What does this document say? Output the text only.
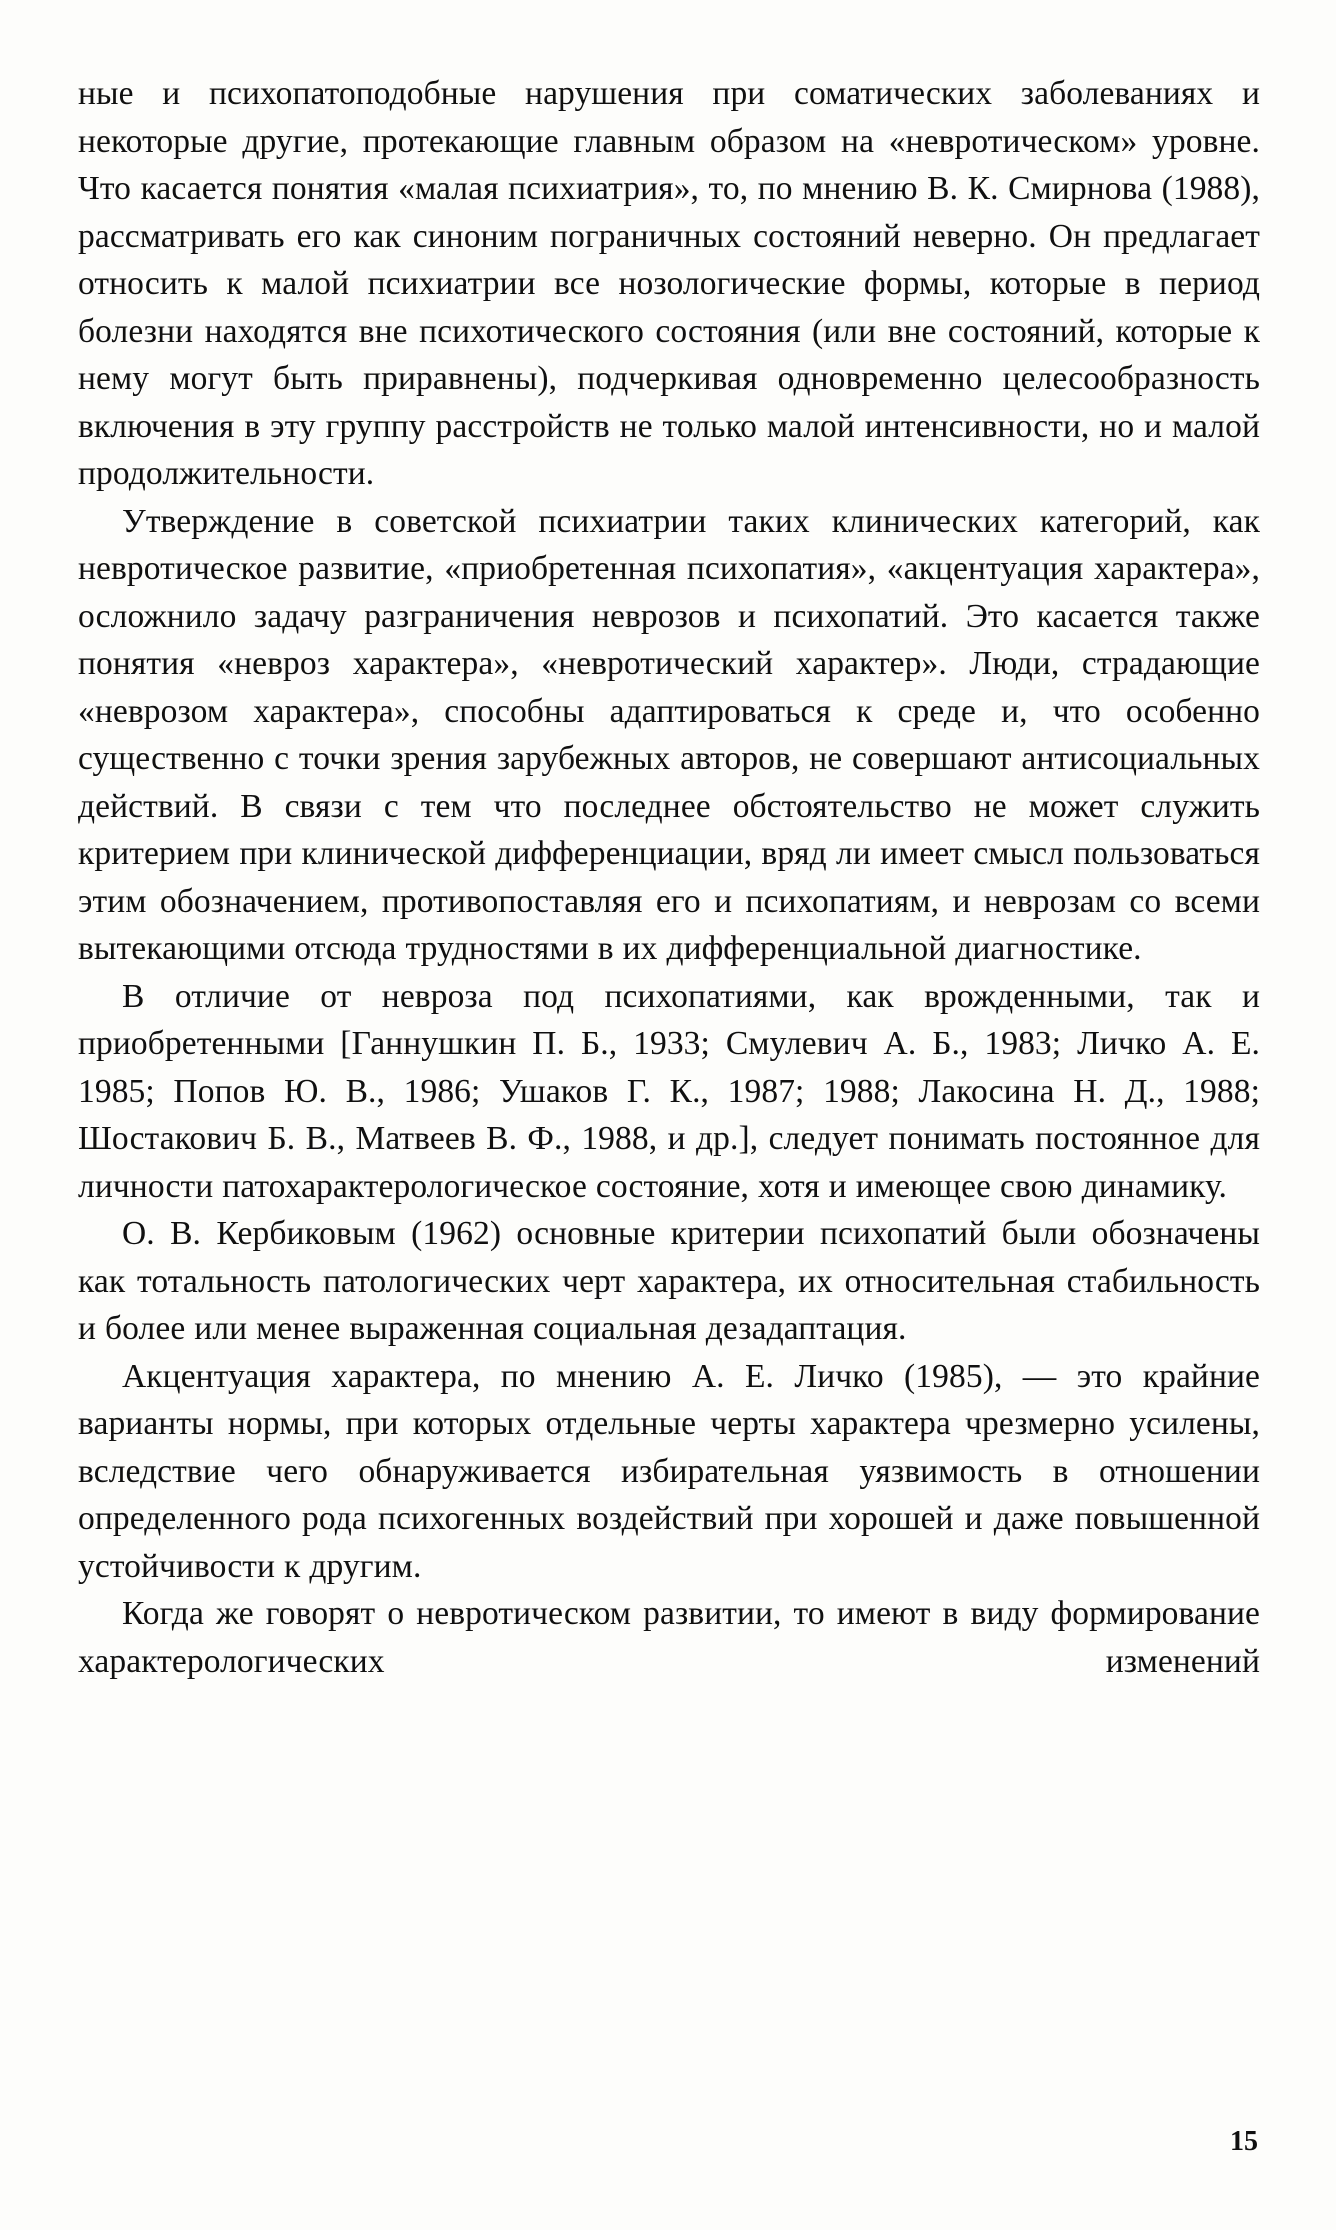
ные и психопатоподобные нарушения при соматических заболеваниях и некоторые другие, протекающие главным образом на «невротическом» уровне. Что касается понятия «малая психиатрия», то, по мнению В. К. Смирнова (1988), рассматривать его как синоним пограничных состояний неверно. Он предлагает относить к малой психиатрии все нозологические формы, которые в период болезни находятся вне психотического состояния (или вне состояний, которые к нему могут быть приравнены), подчеркивая одновременно целесообразность включения в эту группу расстройств не только малой интенсивности, но и малой продолжительности.

Утверждение в советской психиатрии таких клинических категорий, как невротическое развитие, «приобретенная психопатия», «акцентуация характера», осложнило задачу разграничения неврозов и психопатий. Это касается также понятия «невроз характера», «невротический характер». Люди, страдающие «неврозом характера», способны адаптироваться к среде и, что особенно существенно с точки зрения зарубежных авторов, не совершают антисоциальных действий. В связи с тем что последнее обстоятельство не может служить критерием при клинической дифференциации, вряд ли имеет смысл пользоваться этим обозначением, противопоставляя его и психопатиям, и неврозам со всеми вытекающими отсюда трудностями в их дифференциальной диагностике.

В отличие от невроза под психопатиями, как врожденными, так и приобретенными [Ганнушкин П. Б., 1933; Смулевич А. Б., 1983; Личко А. Е. 1985; Попов Ю. В., 1986; Ушаков Г. К., 1987; 1988; Лакосина Н. Д., 1988; Шостакович Б. В., Матвеев В. Ф., 1988, и др.], следует понимать постоянное для личности патохарактерологическое состояние, хотя и имеющее свою динамику.

О. В. Кербиковым (1962) основные критерии психопатий были обозначены как тотальность патологических черт характера, их относительная стабильность и более или менее выраженная социальная дезадаптация.

Акцентуация характера, по мнению А. Е. Личко (1985), — это крайние варианты нормы, при которых отдельные черты характера чрезмерно усилены, вследствие чего обнаруживается избирательная уязвимость в отношении определенного рода психогенных воздействий при хорошей и даже повышенной устойчивости к другим.

Когда же говорят о невротическом развитии, то имеют в виду формирование характерологических изменений

15
